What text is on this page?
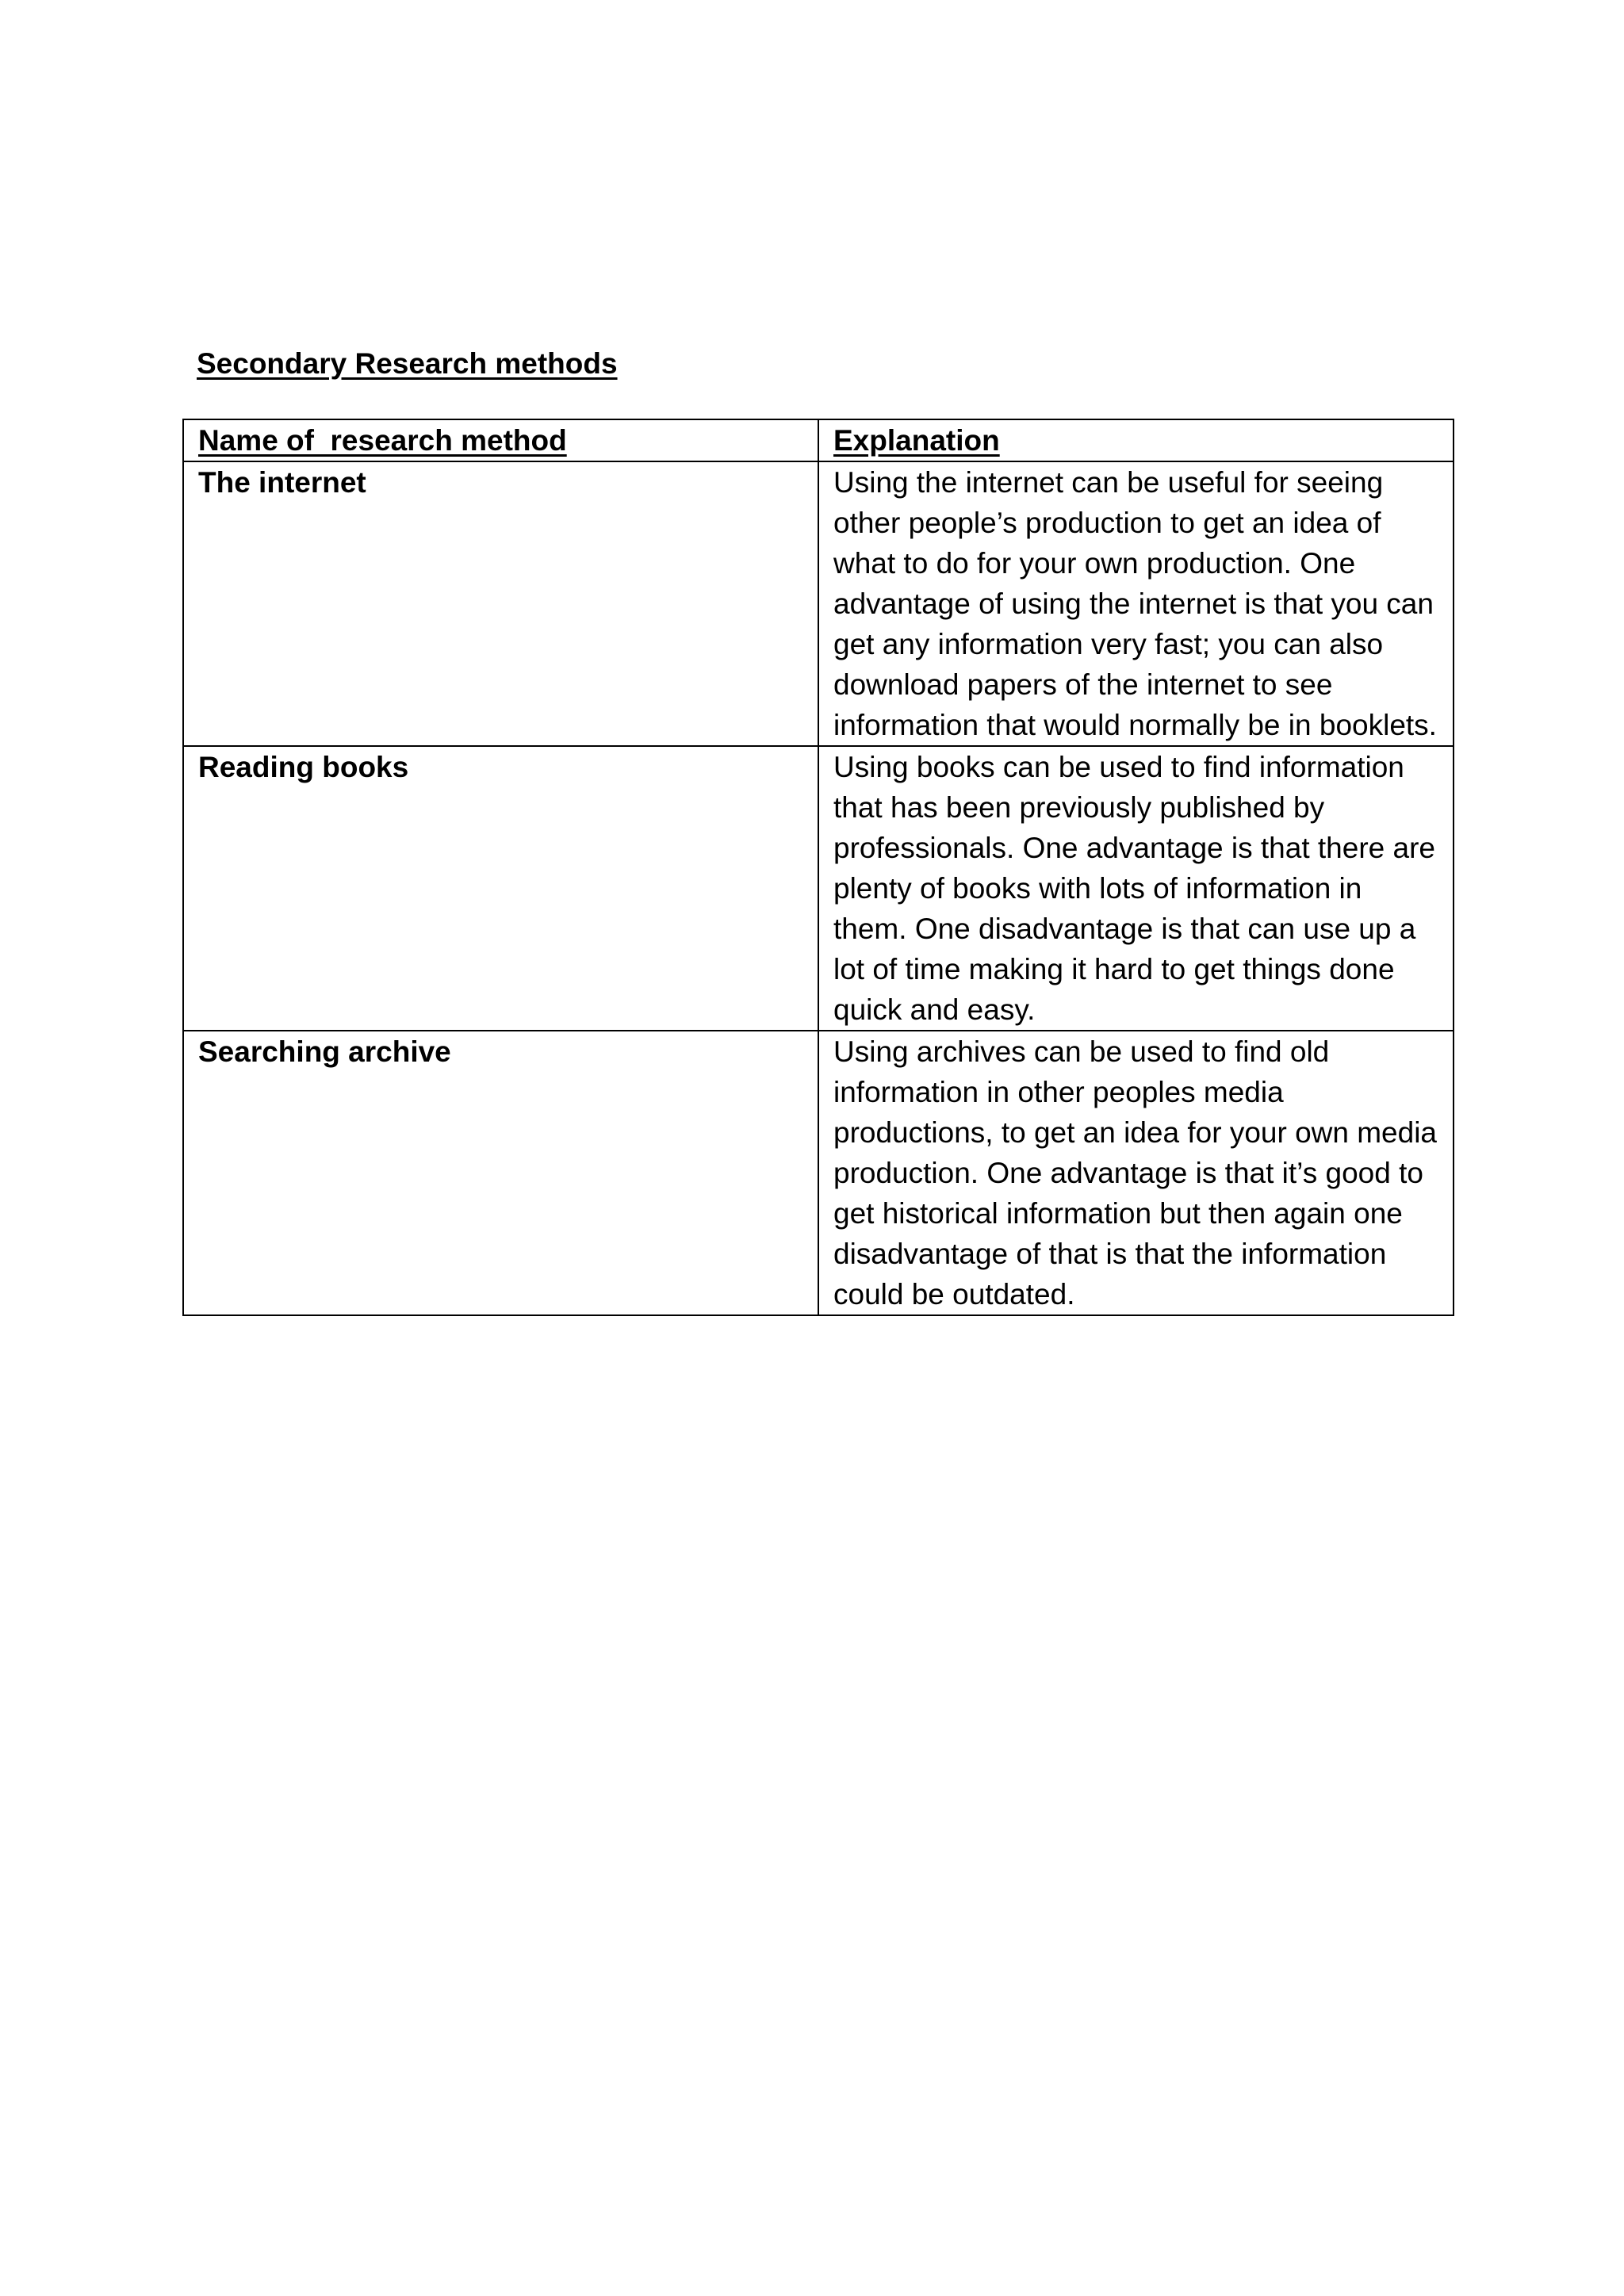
Secondary Research methods
Name of  research method	Explanation
The internet	Using the internet can be useful for seeing other people’s production to get an idea of what to do for your own production. One advantage of using the internet is that you can get any information very fast; you can also download papers of the internet to see information that would normally be in booklets.
Reading books	Using books can be used to find information that has been previously published by professionals. One advantage is that there are plenty of books with lots of information in them. One disadvantage is that can use up a lot of time making it hard to get things done quick and easy.
Searching archive	Using archives can be used to find old information in other peoples media productions, to get an idea for your own media production. One advantage is that it’s good to get historical information but then again one disadvantage of that is that the information could be outdated.
